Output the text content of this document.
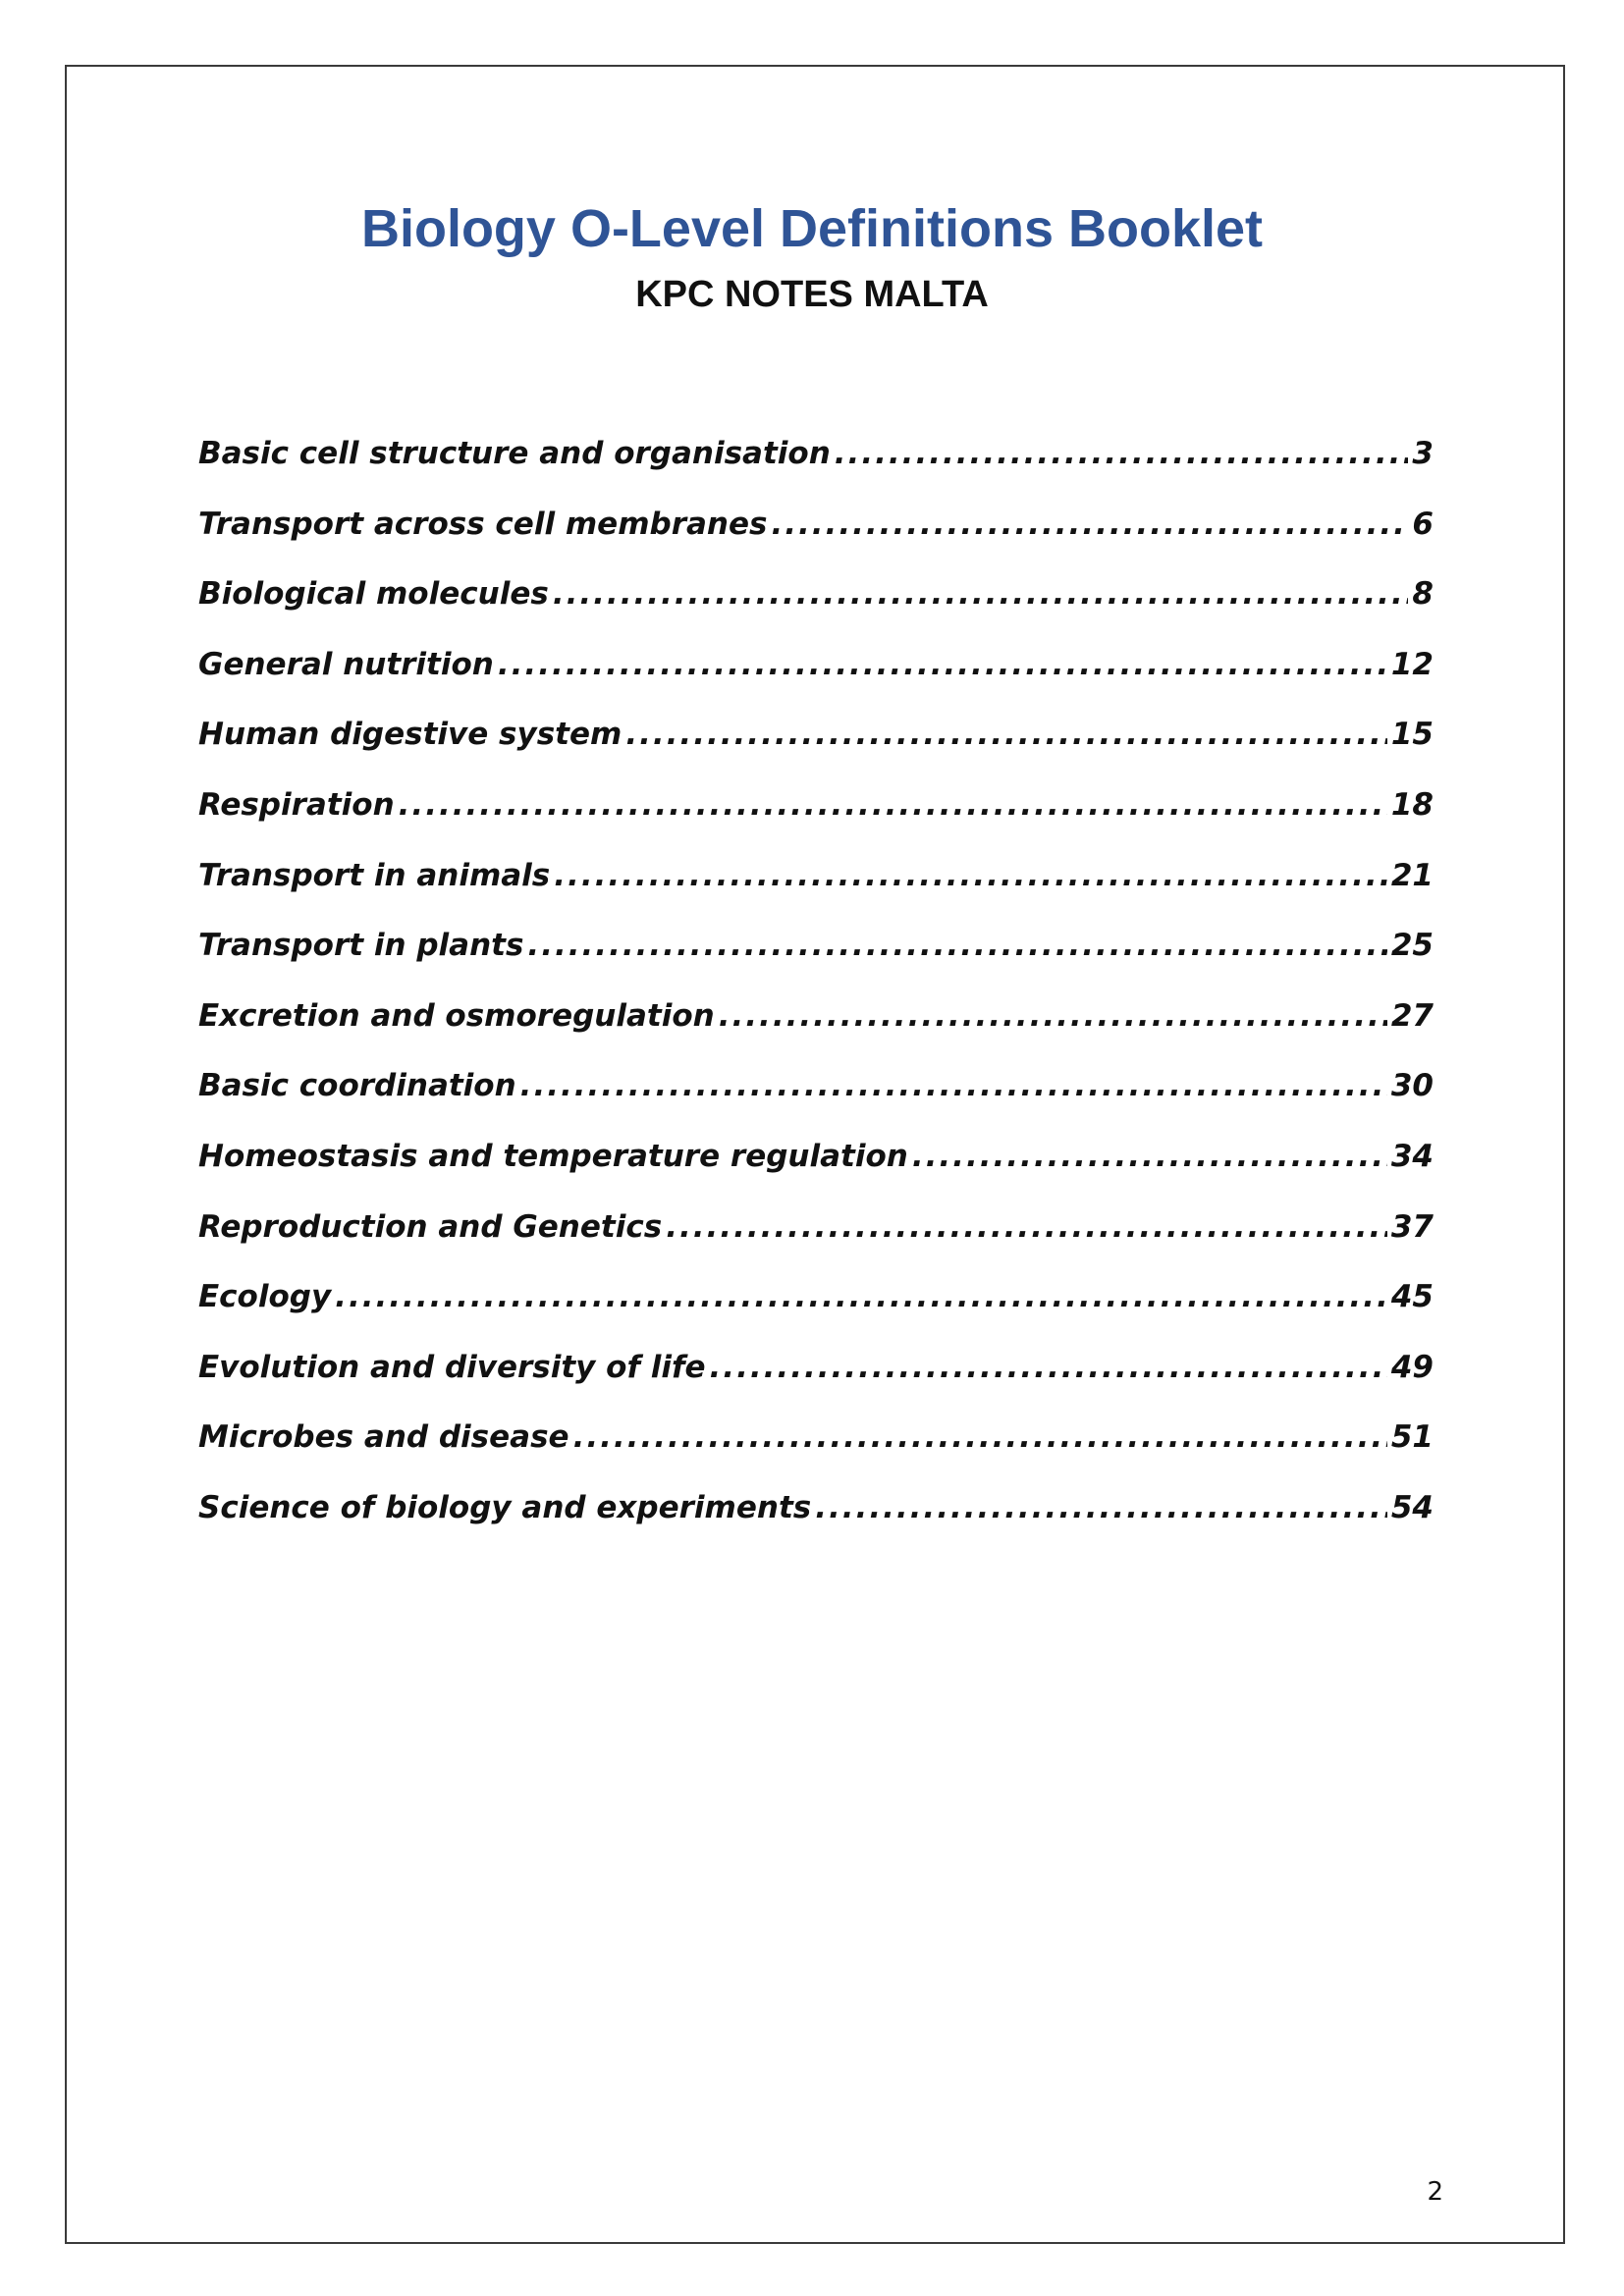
Biology O-Level Definitions Booklet
KPC NOTES MALTA
Basic cell structure and organisation .....	3
Transport across cell membranes .....	6
Biological molecules .....	8
General nutrition .....	12
Human digestive system .....	15
Respiration .....	18
Transport in animals .....	21
Transport in plants .....	25
Excretion and osmoregulation .....	27
Basic coordination .....	30
Homeostasis and temperature regulation .....	34
Reproduction and Genetics .....	37
Ecology .....	45
Evolution and diversity of life .....	49
Microbes and disease .....	51
Science of biology and experiments .....	54
2
